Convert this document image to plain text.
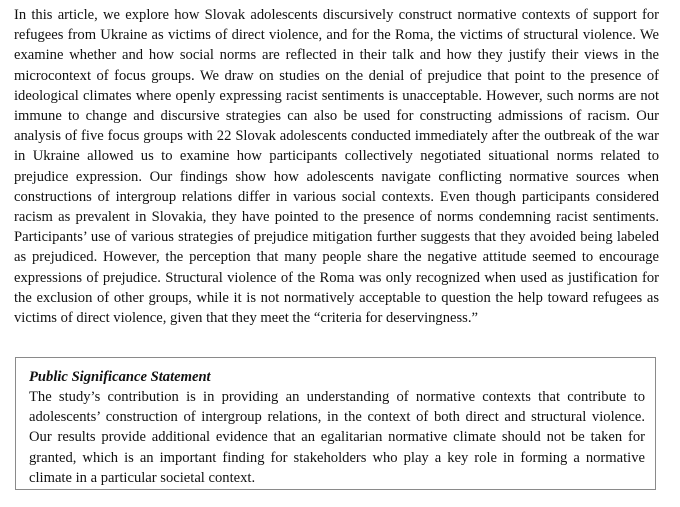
In this article, we explore how Slovak adolescents discursively construct normative contexts of support for refugees from Ukraine as victims of direct violence, and for the Roma, the victims of structural violence. We examine whether and how social norms are reflected in their talk and how they justify their views in the microcontext of focus groups. We draw on studies on the denial of prejudice that point to the presence of ideological climates where openly expressing racist sentiments is unacceptable. However, such norms are not immune to change and discursive strategies can also be used for constructing admissions of racism. Our analysis of five focus groups with 22 Slovak adolescents conducted immediately after the outbreak of the war in Ukraine allowed us to examine how participants collectively negotiated situational norms related to prejudice expression. Our findings show how adolescents navigate conflicting normative sources when constructions of intergroup relations differ in various social contexts. Even though participants considered racism as prevalent in Slovakia, they have pointed to the presence of norms condemning racist sentiments. Participants’ use of various strategies of prejudice mitigation further suggests that they avoided being labeled as prejudiced. However, the perception that many people share the negative attitude seemed to encourage expressions of prejudice. Structural violence of the Roma was only recognized when used as justification for the exclusion of other groups, while it is not normatively acceptable to question the help toward refugees as victims of direct violence, given that they meet the “criteria for deservingness.”

Public Significance Statement

The study’s contribution is in providing an understanding of normative contexts that contribute to adolescents’ construction of intergroup relations, in the context of both direct and structural violence. Our results provide additional evidence that an egalitarian normative climate should not be taken for granted, which is an important finding for stakeholders who play a key role in forming a normative climate in a particular societal context.
